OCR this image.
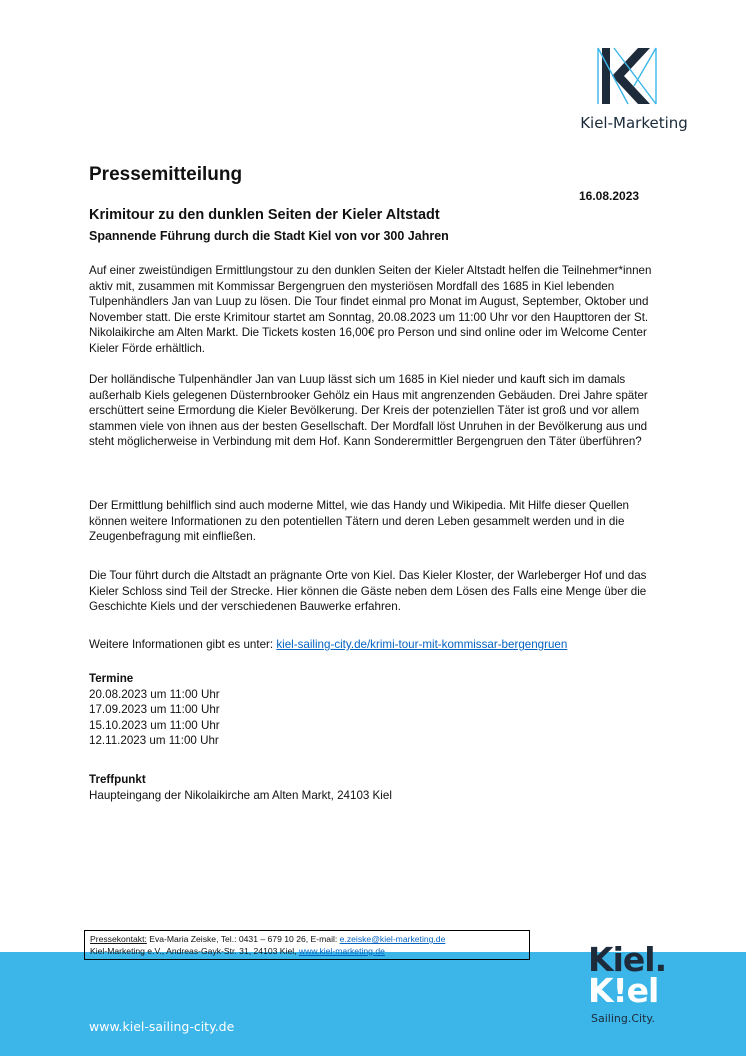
Kiel-Marketing
Pressemitteilung
16.08.2023
Krimitour zu den dunklen Seiten der Kieler Altstadt
Spannende Führung durch die Stadt Kiel von vor 300 Jahren

Auf einer zweistündigen Ermittlungstour zu den dunklen Seiten der Kieler Altstadt helfen die Teilnehmer*innen aktiv mit, zusammen mit Kommissar Bergengruen den mysteriösen Mordfall des 1685 in Kiel lebenden Tulpenhändlers Jan van Luup zu lösen. Die Tour findet einmal pro Monat im August, September, Oktober und November statt. Die erste Krimitour startet am Sonntag, 20.08.2023 um 11:00 Uhr vor den Haupttoren der St. Nikolaikirche am Alten Markt. Die Tickets kosten 16,00€ pro Person und sind online oder im Welcome Center Kieler Förde erhältlich.

Der holländische Tulpenhändler Jan van Luup lässt sich um 1685 in Kiel nieder und kauft sich im damals außerhalb Kiels gelegenen Düsternbrooker Gehölz ein Haus mit angrenzenden Gebäuden. Drei Jahre später erschüttert seine Ermordung die Kieler Bevölkerung. Der Kreis der potenziellen Täter ist groß und vor allem stammen viele von ihnen aus der besten Gesellschaft. Der Mordfall löst Unruhen in der Bevölkerung aus und steht möglicherweise in Verbindung mit dem Hof. Kann Sonderermittler Bergengruen den Täter überführen?

Der Ermittlung behilflich sind auch moderne Mittel, wie das Handy und Wikipedia. Mit Hilfe dieser Quellen können weitere Informationen zu den potentiellen Tätern und deren Leben gesammelt werden und in die Zeugenbefragung mit einfließen.

Die Tour führt durch die Altstadt an prägnante Orte von Kiel. Das Kieler Kloster, der Warleberger Hof und das Kieler Schloss sind Teil der Strecke. Hier können die Gäste neben dem Lösen des Falls eine Menge über die Geschichte Kiels und der verschiedenen Bauwerke erfahren.

Weitere Informationen gibt es unter: kiel-sailing-city.de/krimi-tour-mit-kommissar-bergengruen

Termine
20.08.2023 um 11:00 Uhr
17.09.2023 um 11:00 Uhr
15.10.2023 um 11:00 Uhr
12.11.2023 um 11:00 Uhr
Treffpunkt
Haupteingang der Nikolaikirche am Alten Markt, 24103 Kiel
Pressekontakt: Eva-Maria Zeiske, Tel.: 0431 – 679 10 26, E-mail: e.zeiske@kiel-marketing.de
Kiel-Marketing e.V., Andreas-Gayk-Str. 31, 24103 Kiel, www.kiel-marketing.de
www.kiel-sailing-city.de
Kiel.
K!el
Sailing.City.
